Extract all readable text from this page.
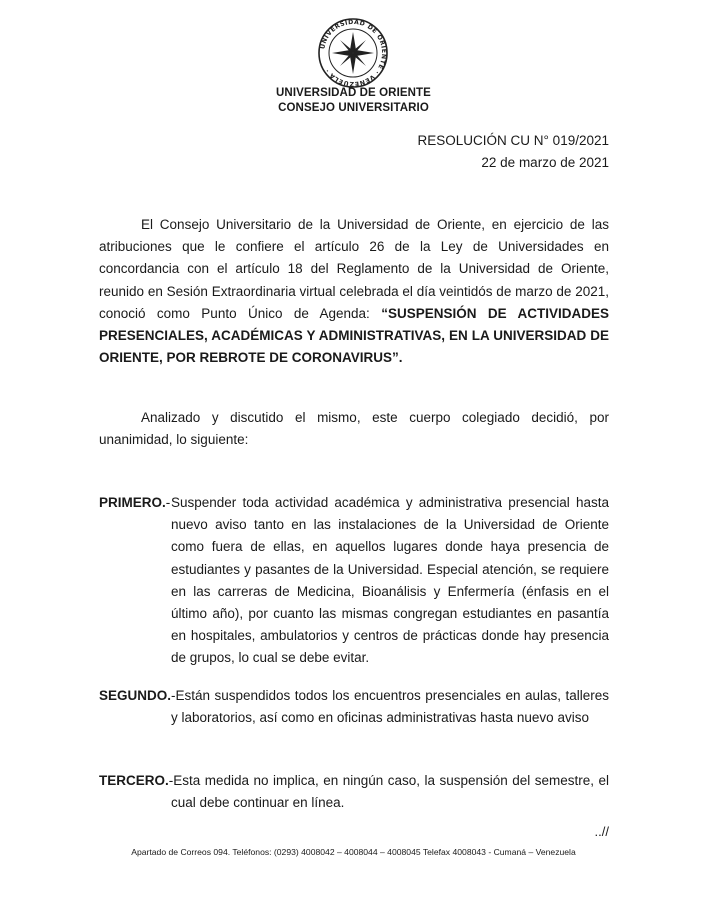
UNIVERSIDAD DE ORIENTE · VENEZUELA ·
UNIVERSIDAD DE ORIENTE
CONSEJO UNIVERSITARIO
RESOLUCIÓN CU N° 019/2021
22 de marzo de 2021
El Consejo Universitario de la Universidad de Oriente, en ejercicio de las atribuciones que le confiere el artículo 26 de la Ley de Universidades en concordancia con el artículo 18 del Reglamento de la Universidad de Oriente, reunido en Sesión Extraordinaria virtual celebrada el día veintidós de marzo de 2021, conoció como Punto Único de Agenda: “SUSPENSIÓN DE ACTIVIDADES PRESENCIALES, ACADÉMICAS Y ADMINISTRATIVAS, EN LA UNIVERSIDAD DE ORIENTE, POR REBROTE DE CORONAVIRUS”.
Analizado y discutido el mismo, este cuerpo colegiado decidió, por unanimidad, lo siguiente:
PRIMERO.- Suspender toda actividad académica y administrativa presencial hasta nuevo aviso tanto en las instalaciones de la Universidad de Oriente como fuera de ellas, en aquellos lugares donde haya presencia de estudiantes y pasantes de la Universidad. Especial atención, se requiere en las carreras de Medicina, Bioanálisis y Enfermería (énfasis en el último año), por cuanto las mismas congregan estudiantes en pasantía en hospitales, ambulatorios y centros de prácticas donde hay presencia de grupos, lo cual se debe evitar.
SEGUNDO.- Están suspendidos todos los encuentros presenciales en aulas, talleres y laboratorios, así como en oficinas administrativas hasta nuevo aviso
TERCERO.- Esta medida no implica, en ningún caso, la suspensión del semestre, el cual debe continuar en línea.
..//
Apartado de Correos 094. Teléfonos: (0293) 4008042 – 4008044 – 4008045 Telefax 4008043 - Cumaná – Venezuela
